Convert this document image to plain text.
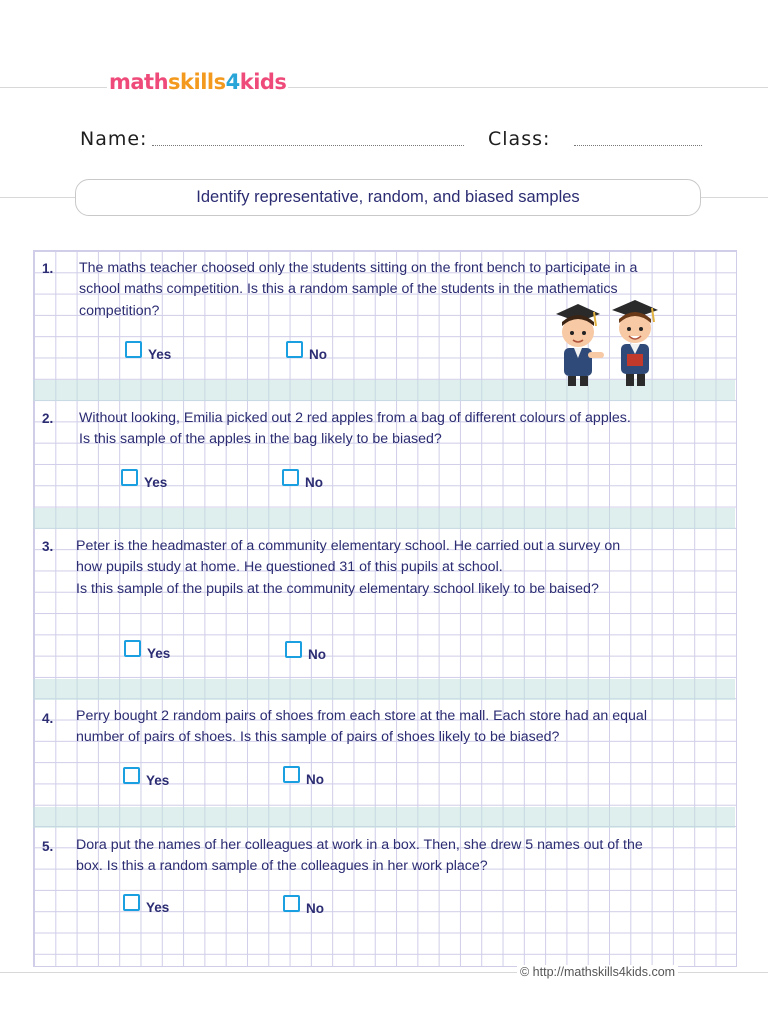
mathskills4kids
Name:	Class:
Identify representative, random, and biased samples
1. The maths teacher choosed only the students sitting on the front bench to participate in a
school maths competition. Is this a random sample of the students in the mathematics
competition?
Yes	No
2. Without looking, Emilia picked out 2 red apples from a bag of different colours of apples.
Is this sample of the apples in the bag likely to be biased?
Yes	No
3. Peter is the headmaster of a community elementary school. He carried out a survey on
how pupils study at home. He questioned 31 of this pupils at school.
Is this sample of the pupils at the community elementary school likely to be baised?
Yes	No
4. Perry bought 2 random pairs of shoes from each store at the mall. Each store had an equal
number of pairs of shoes. Is this sample of pairs of shoes likely to be biased?
Yes	No
5. Dora put the names of her colleagues at work in a box. Then, she drew 5 names out of the
box. Is this a random sample of the colleagues in her work place?
Yes	No
© http://mathskills4kids.com
